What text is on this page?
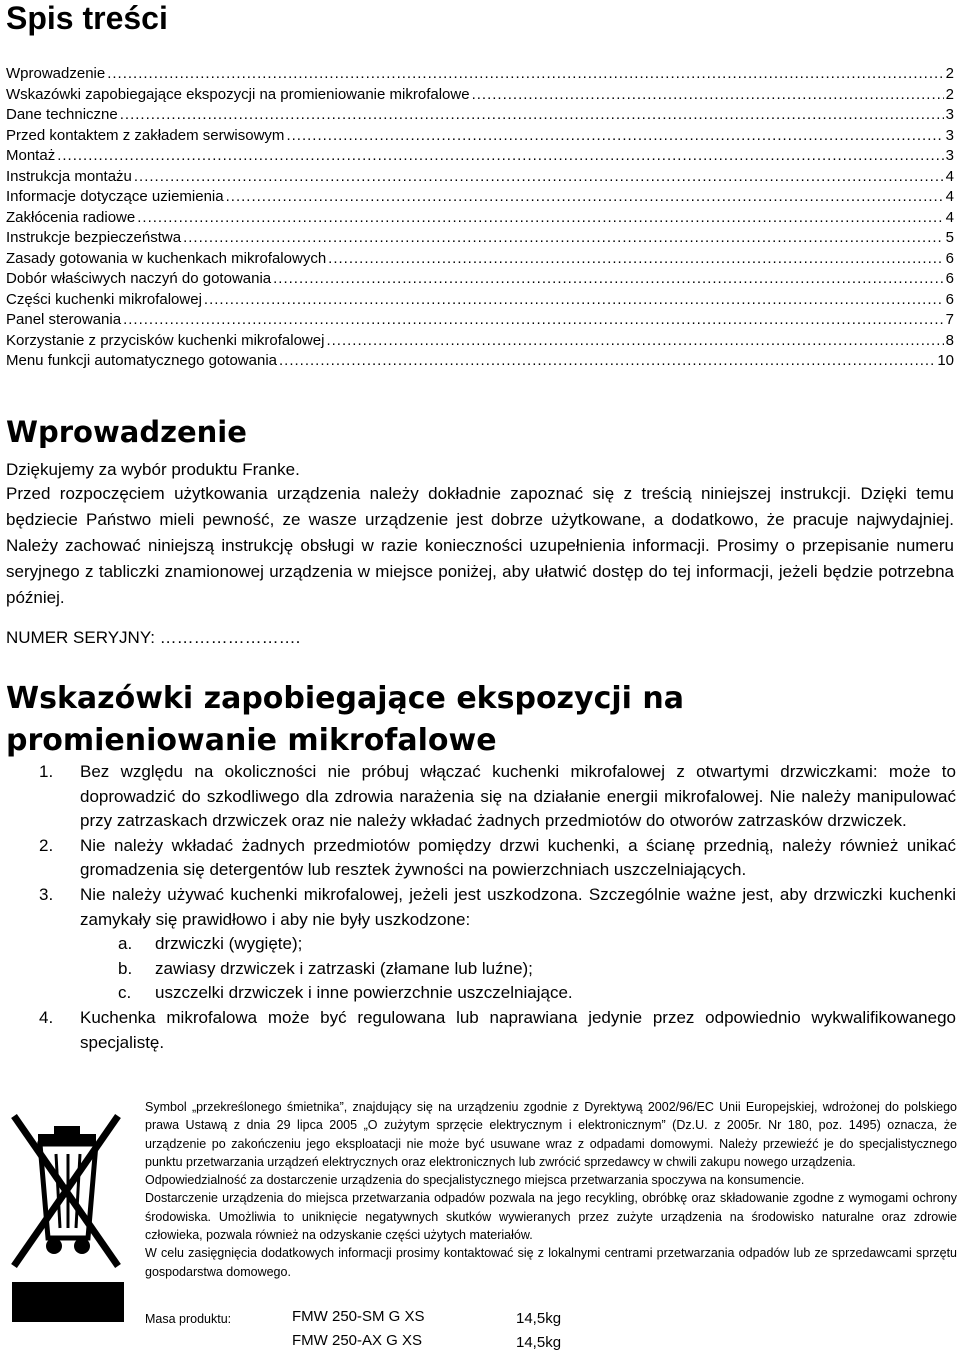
Spis treści
Wprowadzenie .....	2
Wskazówki zapobiegające ekspozycji na promieniowanie mikrofalowe .....	2
Dane techniczne .....	3
Przed kontaktem z zakładem serwisowym .....	3
Montaż .....	3
Instrukcja montażu .....	4
Informacje dotyczące uziemienia .....	4
Zakłócenia radiowe .....	4
Instrukcje bezpieczeństwa .....	5
Zasady gotowania w kuchenkach mikrofalowych .....	6
Dobór właściwych naczyń do gotowania .....	6
Części kuchenki mikrofalowej .....	6
Panel sterowania .....	7
Korzystanie z przycisków kuchenki mikrofalowej .....	8
Menu funkcji automatycznego gotowania .....	10
Wprowadzenie

Dziękujemy za wybór produktu Franke.

Przed rozpoczęciem użytkowania urządzenia należy dokładnie zapoznać się z treścią niniejszej instrukcji. Dzięki temu będziecie Państwo mieli pewność, ze wasze urządzenie jest dobrze użytkowane, a dodatkowo, że pracuje najwydajniej. Należy zachować niniejszą instrukcję obsługi w razie konieczności uzupełnienia informacji. Prosimy o przepisanie numeru seryjnego z tabliczki znamionowej urządzenia w miejsce poniżej, aby ułatwić dostęp do tej informacji, jeżeli będzie potrzebna później.

NUMER SERYJNY: …………………….
Wskazówki zapobiegające ekspozycji na promieniowanie mikrofalowe
1. Bez względu na okoliczności nie próbuj włączać kuchenki mikrofalowej z otwartymi drzwiczkami: może to doprowadzić do szkodliwego dla zdrowia narażenia się na działanie energii mikrofalowej. Nie należy manipulować przy zatrzaskach drzwiczek oraz nie należy wkładać żadnych przedmiotów do otworów zatrzasków drzwiczek.
2. Nie należy wkładać żadnych przedmiotów pomiędzy drzwi kuchenki, a ścianę przednią, należy również unikać gromadzenia się detergentów lub resztek żywności na powierzchniach uszczelniających.
3. Nie należy używać kuchenki mikrofalowej, jeżeli jest uszkodzona. Szczególnie ważne jest, aby drzwiczki kuchenki zamykały się prawidłowo i aby nie były uszkodzone:
a. drzwiczki (wygięte);
b. zawiasy drzwiczek i zatrzaski (złamane lub luźne);
c. uszczelki drzwiczek i inne powierzchnie uszczelniające.
4. Kuchenka mikrofalowa może być regulowana lub naprawiana jedynie przez odpowiednio wykwalifikowanego specjalistę.

Symbol „przekreślonego śmietnika”, znajdujący się na urządzeniu zgodnie z Dyrektywą 2002/96/EC Unii Europejskiej, wdrożonej do polskiego prawa Ustawą z dnia 29 lipca 2005 „O zużytym sprzęcie elektrycznym i elektronicznym” (Dz.U. z 2005r. Nr 180, poz. 1495) oznacza, że urządzenie po zakończeniu jego eksploatacji nie może być usuwane wraz z odpadami domowymi. Należy przewieźć je do specjalistycznego punktu przetwarzania urządzeń elektrycznych oraz elektronicznych lub zwrócić sprzedawcy w chwili zakupu nowego urządzenia.

Odpowiedzialność za dostarczenie urządzenia do specjalistycznego miejsca przetwarzania spoczywa na konsumencie.

Dostarczenie urządzenia do miejsca przetwarzania odpadów pozwala na jego recykling, obróbkę oraz składowanie zgodne z wymogami ochrony środowiska. Umożliwia to uniknięcie negatywnych skutków wywieranych przez zużyte urządzenia na środowisko naturalne oraz zdrowie człowieka, pozwala również na odzyskanie części użytych materiałów.

W celu zasięgnięcia dodatkowych informacji prosimy kontaktować się z lokalnymi centrami przetwarzania odpadów lub ze sprzedawcami sprzętu gospodarstwa domowego.

Masa produktu:	FMW 250-SM G XS	14,5kg
FMW 250-AX G XS	14,5kg
